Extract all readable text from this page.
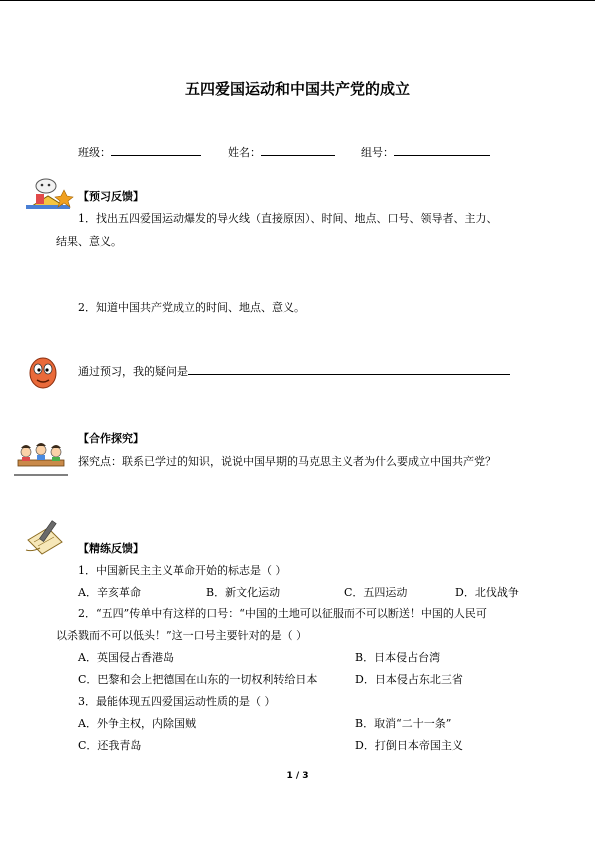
五四爱国运动和中国共产党的成立
班级：	姓名：	组号：
【预习反馈】
1．找出五四爱国运动爆发的导火线（直接原因）、时间、地点、口号、领导者、主力、
结果、意义。
2．知道中国共产党成立的时间、地点、意义。
通过预习，我的疑问是
【合作探究】
探究点：联系已学过的知识，说说中国早期的马克思主义者为什么要成立中国共产党？
【精练反馈】
1．中国新民主主义革命开始的标志是（ ）
A．辛亥革命	B．新文化运动	C．五四运动	D．北伐战争
2．“五四”传单中有这样的口号：“中国的土地可以征服而不可以断送！中国的人民可
以杀戮而不可以低头！”这一口号主要针对的是（ ）
A．英国侵占香港岛	B．日本侵占台湾
C．巴黎和会上把德国在山东的一切权利转给日本	D．日本侵占东北三省
3．最能体现五四爱国运动性质的是（ ）
A．外争主权，内除国贼	B．取消“二十一条”
C．还我青岛	D．打倒日本帝国主义
1 / 3
